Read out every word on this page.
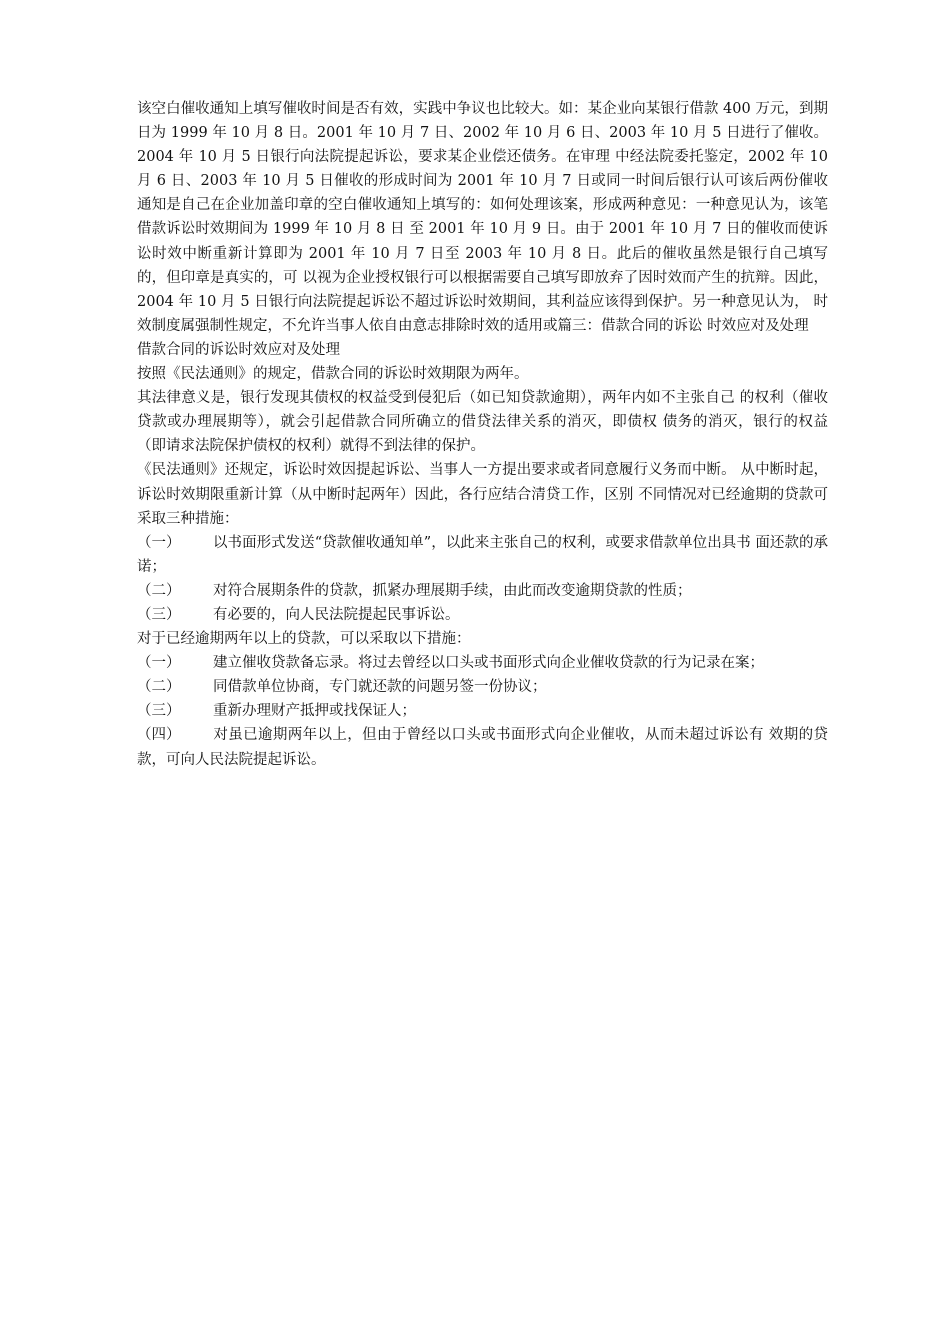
该空白催收通知上填写催收时间是否有效，实践中争议也比较大。如：某企业向某银行借款 400 万元，到期日为 1999 年 10 月 8 日。2001 年 10 月 7 日、2002 年 10 月 6 日、2003 年 10 月 5 日进行了催收。2004 年 10 月 5 日银行向法院提起诉讼，要求某企业偿还债务。在审理 中经法院委托鉴定，2002 年 10 月 6 日、2003 年 10 月 5 日催收的形成时间为 2001 年 10 月 7 日或同一时间后银行认可该后两份催收通知是自己在企业加盖印章的空白催收通知上填写的：如何处理该案，形成两种意见：一种意见认为，该笔借款诉讼时效期间为 1999 年 10 月 8 日 至 2001 年 10 月 9 日。由于 2001 年 10 月 7 日的催收而使诉讼时效中断重新计算即为 2001 年 10 月 7 日至 2003 年 10 月 8 日。此后的催收虽然是银行自己填写的，但印章是真实的，可 以视为企业授权银行可以根据需要自己填写即放弃了因时效而产生的抗辩。因此，2004 年 10 月 5 日银行向法院提起诉讼不超过诉讼时效期间，其利益应该得到保护。另一种意见认为， 时效制度属强制性规定，不允许当事人依自由意志排除时效的适用或篇三：借款合同的诉讼 时效应对及处理

借款合同的诉讼时效应对及处理

按照《民法通则》的规定，借款合同的诉讼时效期限为两年。

其法律意义是，银行发现其债权的权益受到侵犯后（如已知贷款逾期），两年内如不主张自己 的权利（催收贷款或办理展期等），就会引起借款合同所确立的借贷法律关系的消灭，即债权 债务的消灭，银行的权益（即请求法院保护债权的权利）就得不到法律的保护。

《民法通则》还规定，诉讼时效因提起诉讼、当事人一方提出要求或者同意履行义务而中断。 从中断时起，诉讼时效期限重新计算（从中断时起两年）因此，各行应结合清贷工作，区别 不同情况对已经逾期的贷款可采取三种措施：

（一） 以书面形式发送“贷款催收通知单”，以此来主张自己的权利，或要求借款单位出具书 面还款的承诺；

（二） 对符合展期条件的贷款，抓紧办理展期手续，由此而改变逾期贷款的性质；

（三） 有必要的，向人民法院提起民事诉讼。

对于已经逾期两年以上的贷款，可以采取以下措施：

（一） 建立催收贷款备忘录。将过去曾经以口头或书面形式向企业催收贷款的行为记录在案；

（二） 同借款单位协商，专门就还款的问题另签一份协议；

（三） 重新办理财产抵押或找保证人；

（四） 对虽已逾期两年以上，但由于曾经以口头或书面形式向企业催收，从而未超过诉讼有 效期的贷款，可向人民法院提起诉讼。
